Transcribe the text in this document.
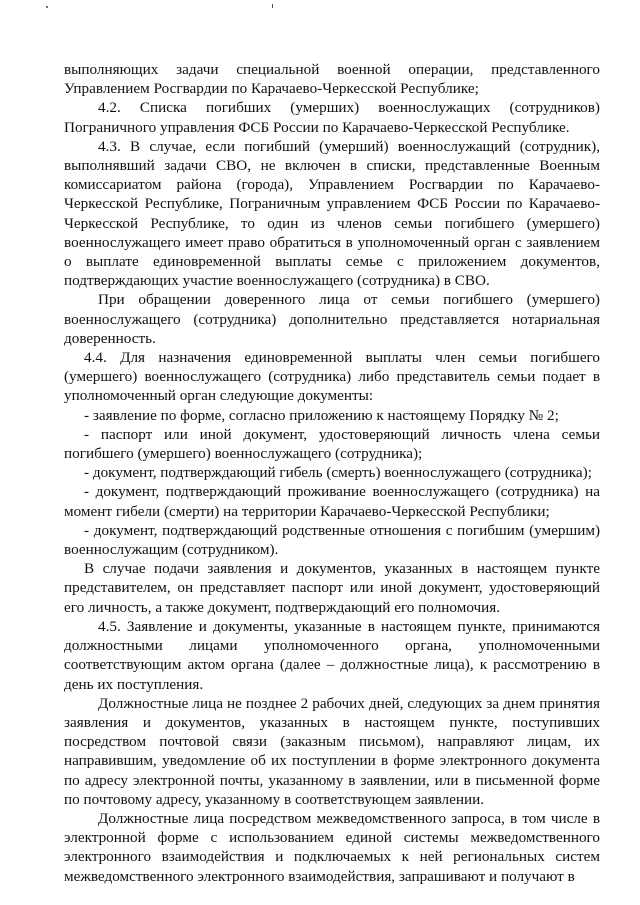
выполняющих задачи специальной военной операции, представленного Управлением Росгвардии по Карачаево-Черкесской Республике;

4.2. Списка погибших (умерших) военнослужащих (сотрудников) Пограничного управления ФСБ России по Карачаево-Черкесской Республике.

4.3. В случае, если погибший (умерший) военнослужащий (сотрудник), выполнявший задачи СВО, не включен в списки, представленные Военным комиссариатом района (города), Управлением Росгвардии по Карачаево-Черкесской Республике, Пограничным управлением ФСБ России по Карачаево-Черкесской Республике, то один из членов семьи погибшего (умершего) военнослужащего имеет право обратиться в уполномоченный орган с заявлением о выплате единовременной выплаты семье с приложением документов, подтверждающих участие военнослужащего (сотрудника) в СВО.

При обращении доверенного лица от семьи погибшего (умершего) военнослужащего (сотрудника) дополнительно представляется нотариальная доверенность.

4.4. Для назначения единовременной выплаты член семьи погибшего (умершего) военнослужащего (сотрудника) либо представитель семьи подает в уполномоченный орган следующие документы:

- заявление по форме, согласно приложению к настоящему Порядку № 2;

- паспорт или иной документ, удостоверяющий личность члена семьи погибшего (умершего) военнослужащего (сотрудника);

- документ, подтверждающий гибель (смерть) военнослужащего (сотрудника);

- документ, подтверждающий проживание военнослужащего (сотрудника) на момент гибели (смерти) на территории Карачаево-Черкесской Республики;

- документ, подтверждающий родственные отношения с погибшим (умершим) военнослужащим (сотрудником).

В случае подачи заявления и документов, указанных в настоящем пункте представителем, он представляет паспорт или иной документ, удостоверяющий его личность, а также документ, подтверждающий его полномочия.

4.5. Заявление и документы, указанные в настоящем пункте, принимаются должностными лицами уполномоченного органа, уполномоченными соответствующим актом органа (далее – должностные лица), к рассмотрению в день их поступления.

Должностные лица не позднее 2 рабочих дней, следующих за днем принятия заявления и документов, указанных в настоящем пункте, поступивших посредством почтовой связи (заказным письмом), направляют лицам, их направившим, уведомление об их поступлении в форме электронного документа по адресу электронной почты, указанному в заявлении, или в письменной форме по почтовому адресу, указанному в соответствующем заявлении.

Должностные лица посредством межведомственного запроса, в том числе в электронной форме с использованием единой системы межведомственного электронного взаимодействия и подключаемых к ней региональных систем межведомственного электронного взаимодействия, запрашивают и получают в
